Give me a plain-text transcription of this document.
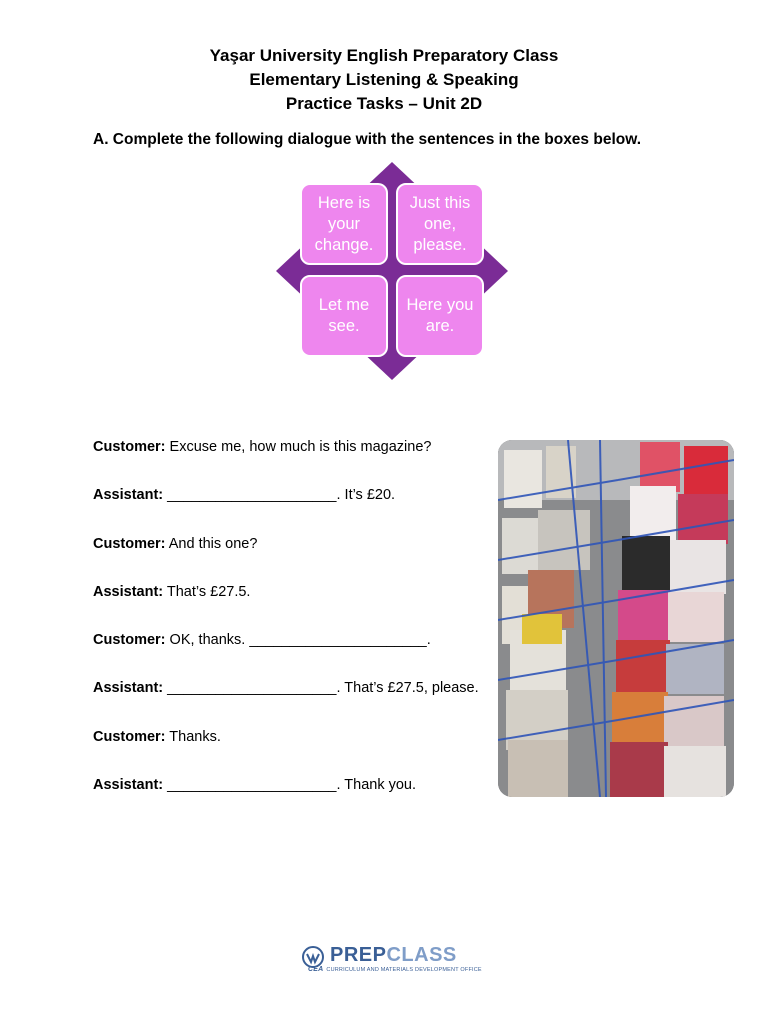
Yaşar University English Preparatory Class
Elementary Listening & Speaking
Practice Tasks – Unit 2D
A. Complete the following dialogue with the sentences in the boxes below.
Here is your change.
Just this one, please.
Let me see.
Here you are.
Customer: Excuse me, how much is this magazine?
Assistant: _____________________. It’s £20.
Customer: And this one?
Assistant: That’s £27.5.
Customer: OK, thanks. ______________________.
Assistant: _____________________. That’s £27.5, please.
Customer: Thanks.
Assistant: _____________________. Thank you.
PREPCLASS
CEA CURRICULUM AND MATERIALS DEVELOPMENT OFFICE
